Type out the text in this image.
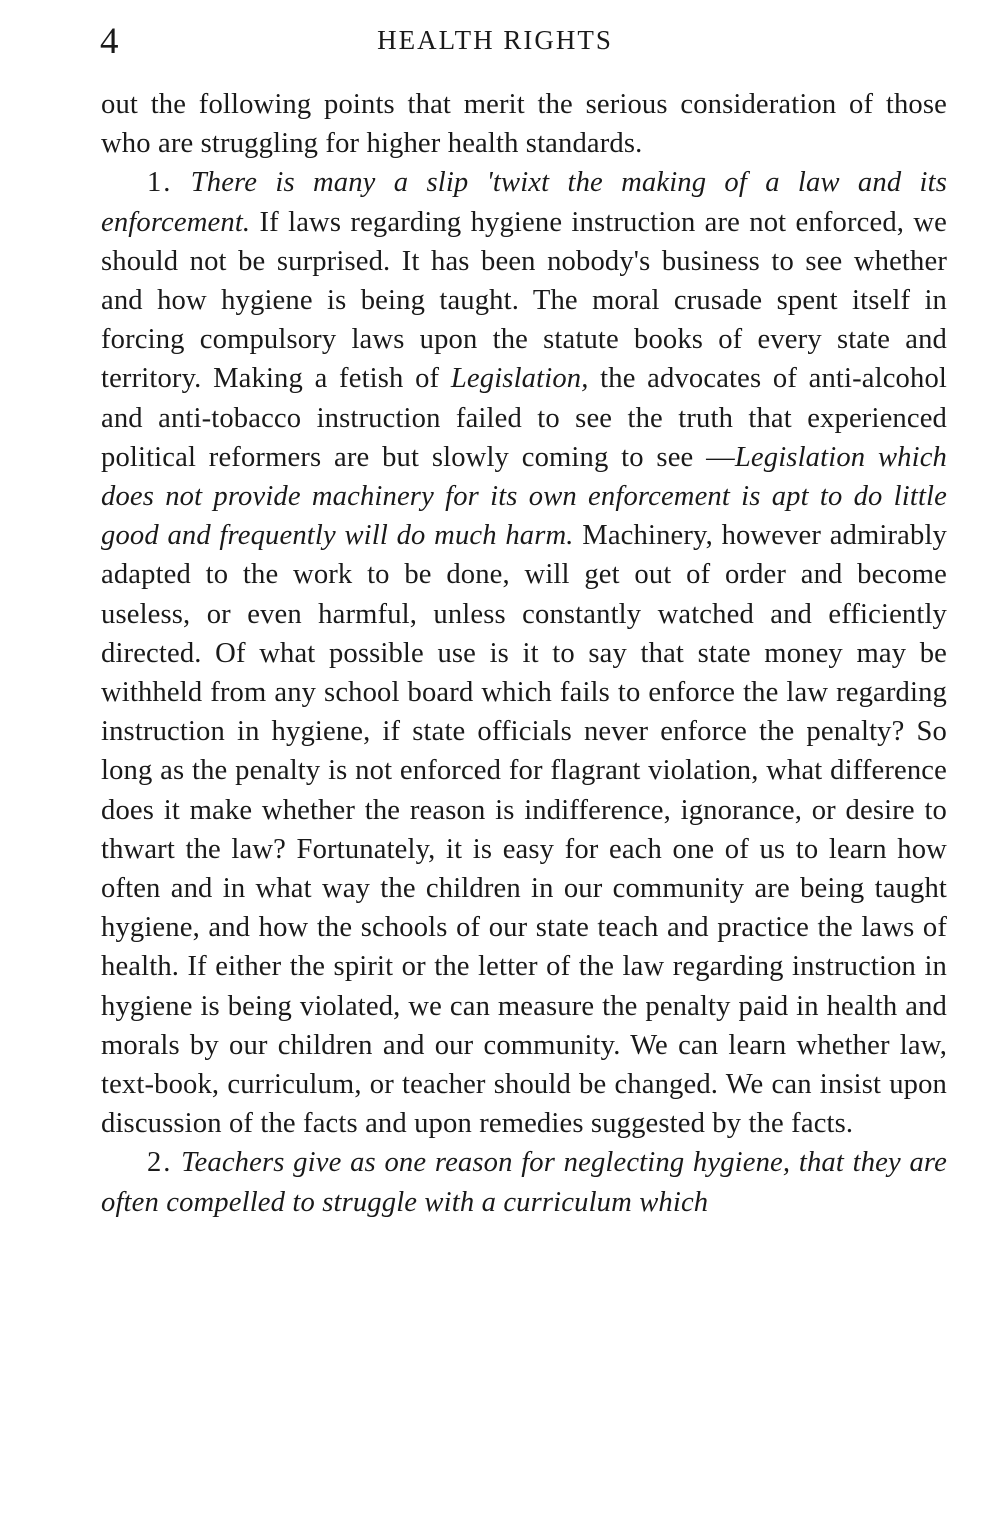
4	HEALTH RIGHTS

out the following points that merit the serious consideration of those who are struggling for higher health standards.

1. There is many a slip 'twixt the making of a law and its enforcement. If laws regarding hygiene instruction are not enforced, we should not be surprised. It has been nobody's business to see whether and how hygiene is being taught. The moral crusade spent itself in forcing compulsory laws upon the statute books of every state and territory. Making a fetish of Legislation, the advocates of anti-alcohol and anti-tobacco instruction failed to see the truth that experienced political reformers are but slowly coming to see —Legislation which does not provide machinery for its own enforcement is apt to do little good and frequently will do much harm. Machinery, however admirably adapted to the work to be done, will get out of order and become useless, or even harmful, unless constantly watched and efficiently directed. Of what possible use is it to say that state money may be withheld from any school board which fails to enforce the law regarding instruction in hygiene, if state officials never enforce the penalty? So long as the penalty is not enforced for flagrant violation, what difference does it make whether the reason is indifference, ignorance, or desire to thwart the law? Fortunately, it is easy for each one of us to learn how often and in what way the children in our community are being taught hygiene, and how the schools of our state teach and practice the laws of health. If either the spirit or the letter of the law regarding instruction in hygiene is being violated, we can measure the penalty paid in health and morals by our children and our community. We can learn whether law, text-book, curriculum, or teacher should be changed. We can insist upon discussion of the facts and upon remedies suggested by the facts.

2. Teachers give as one reason for neglecting hygiene, that they are often compelled to struggle with a curriculum which
